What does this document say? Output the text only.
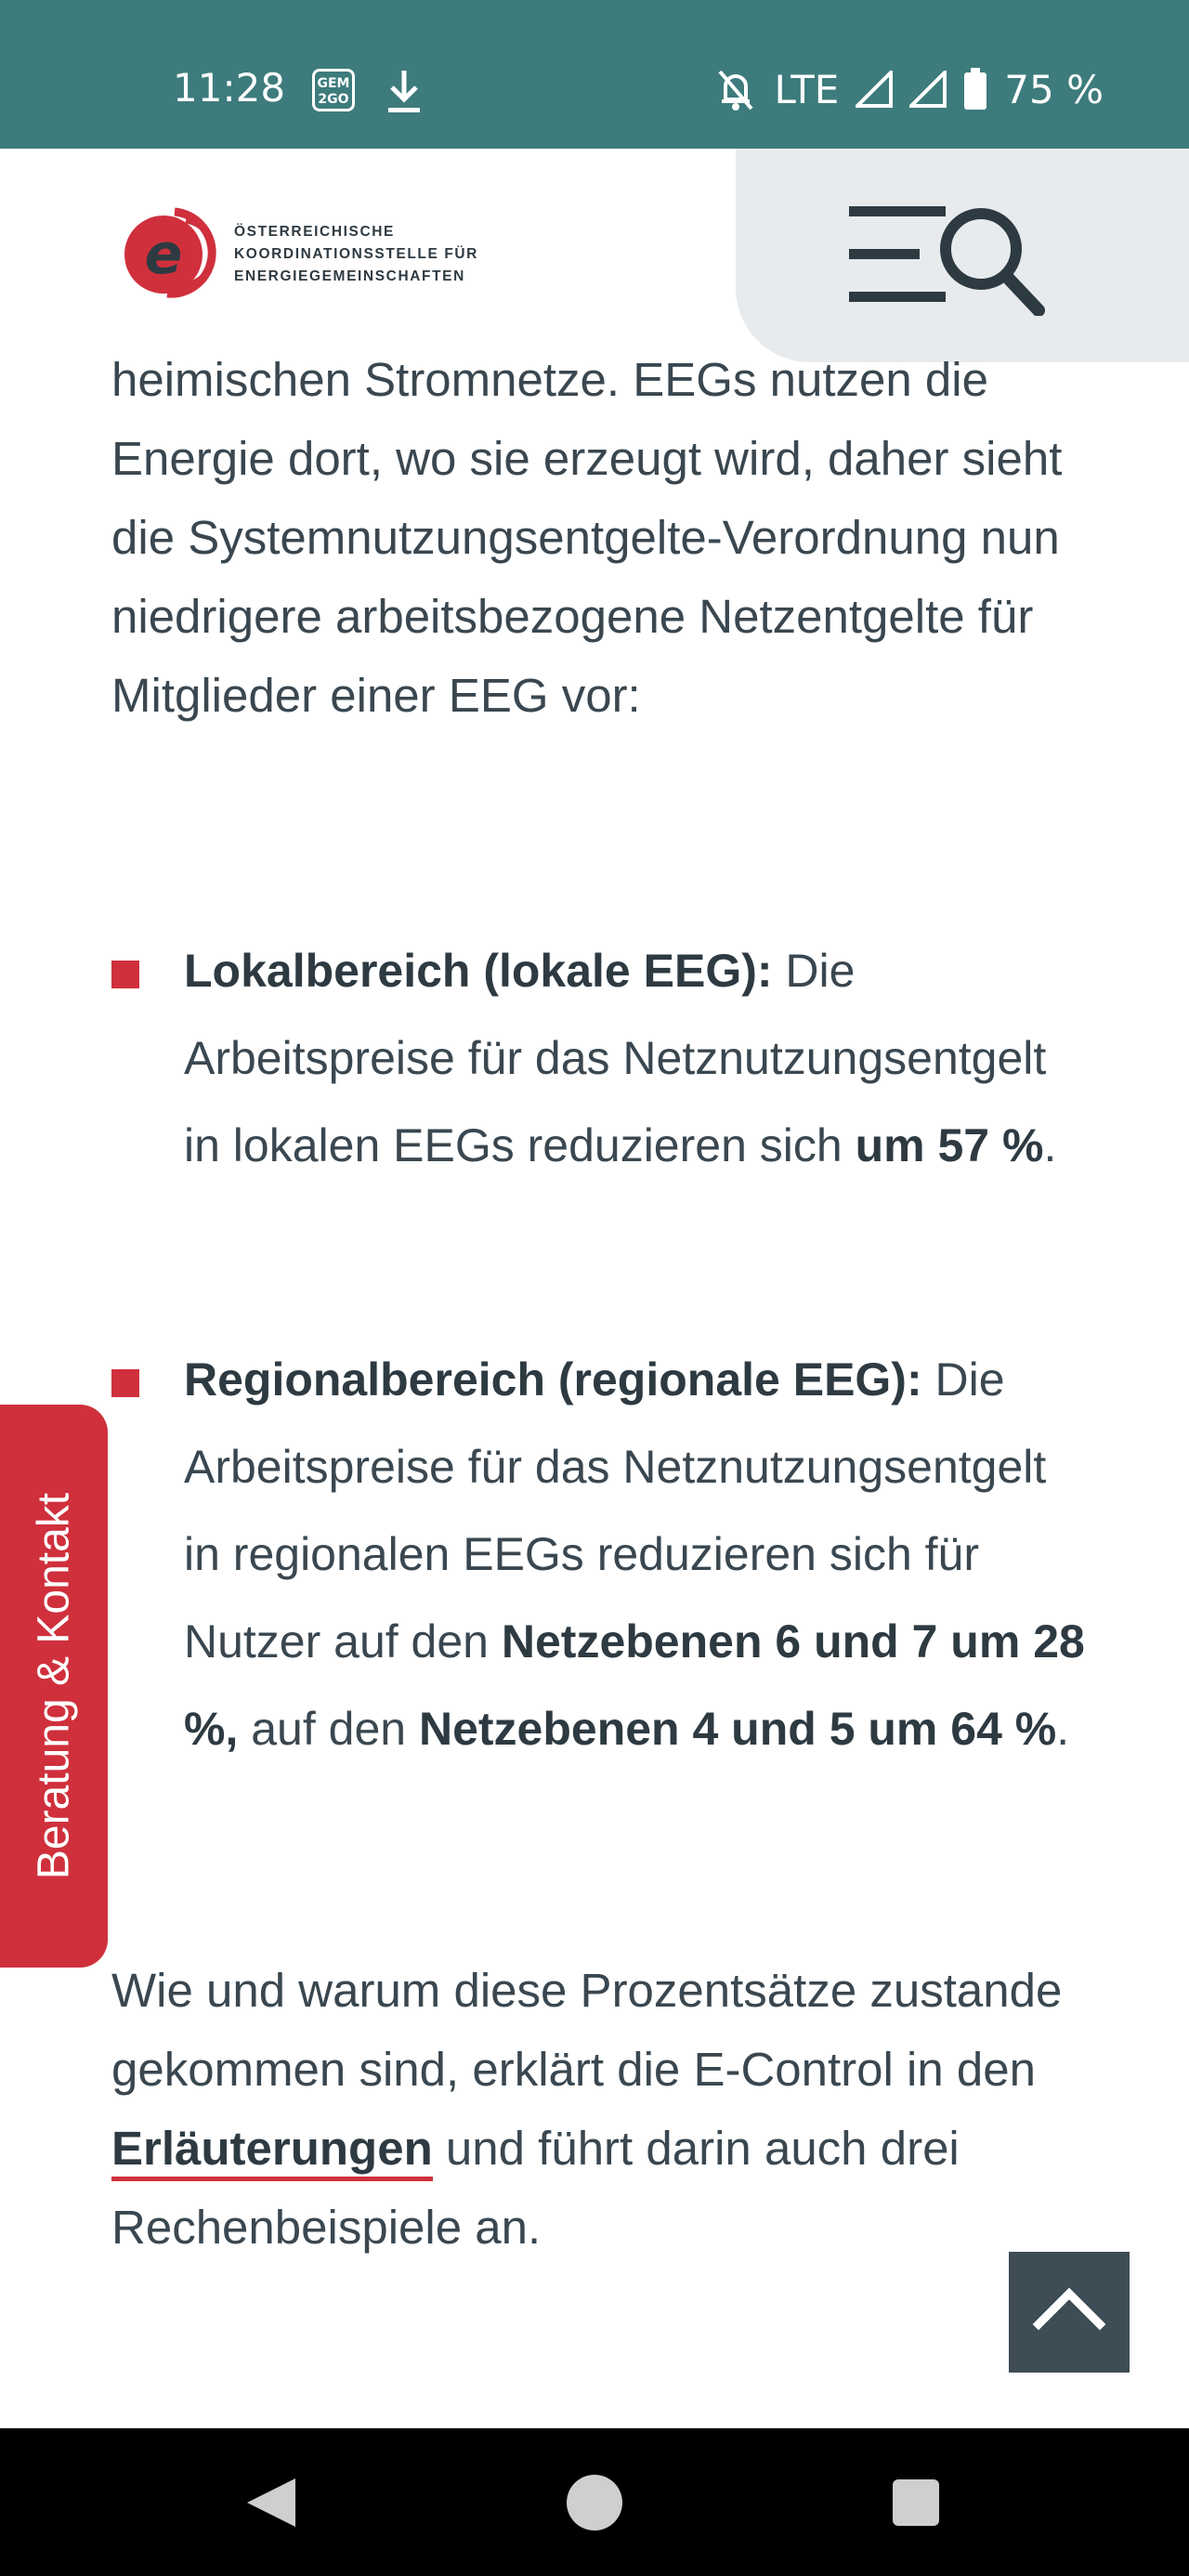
11:28	GEM
2GO	LTE	75 %
e	ÖSTERREICHISCHE
KOORDINATIONSSTELLE FÜR
ENERGIEGEMEINSCHAFTEN

heimischen Stromnetze. EEGs nutzen die Energie dort, wo sie erzeugt wird, daher sieht die Systemnutzungsentgelte-Verordnung nun niedrigere arbeitsbezogene Netzentgelte für Mitglieder einer EEG vor:

Lokalbereich (lokale EEG): Die Arbeitspreise für das Netznutzungsentgelt in lokalen EEGs reduzieren sich um 57 %.

Regionalbereich (regionale EEG): Die Arbeitspreise für das Netznutzungsentgelt in regionalen EEGs reduzieren sich für Nutzer auf den Netzebenen 6 und 7 um 28 %, auf den Netzebenen 4 und 5 um 64 %.

Wie und warum diese Prozentsätze zustande gekommen sind, erklärt die E-Control in den Erläuterungen und führt darin auch drei Rechenbeispiele an.

Beratung & Kontakt
